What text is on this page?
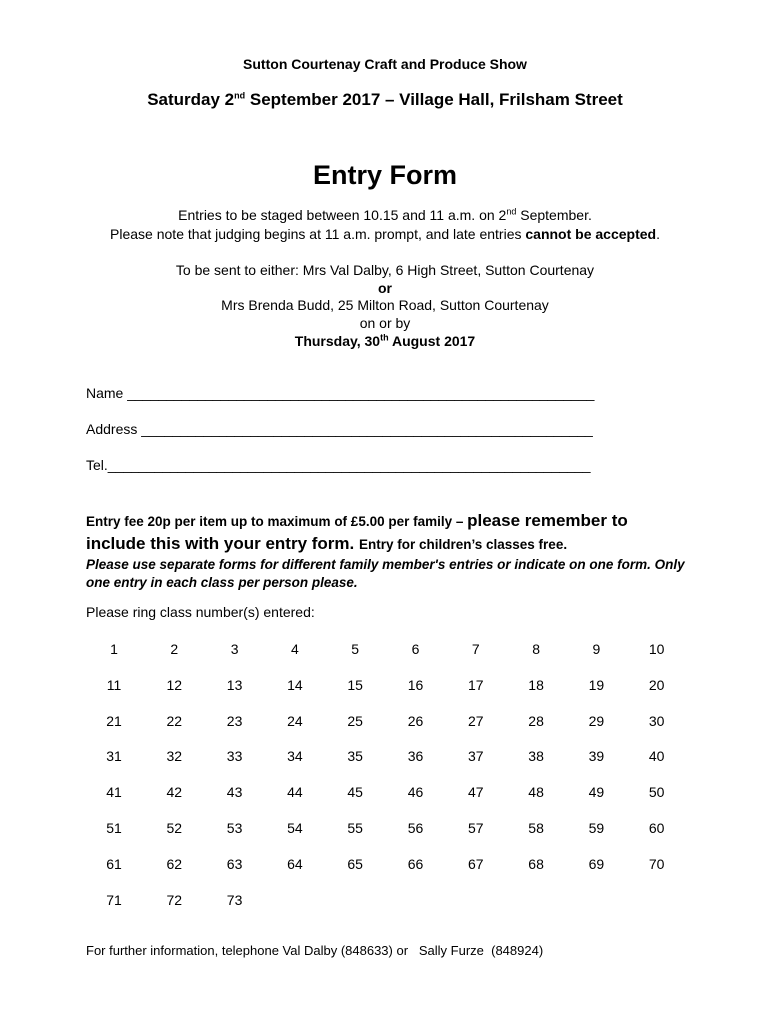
Sutton Courtenay Craft and Produce Show
Saturday 2nd September 2017 – Village Hall, Frilsham Street
Entry Form
Entries to be staged between 10.15 and 11 a.m. on 2nd September.
Please note that judging begins at 11 a.m. prompt, and late entries cannot be accepted.
To be sent to either: Mrs Val Dalby, 6 High Street, Sutton Courtenay
or
Mrs Brenda Budd, 25 Milton Road, Sutton Courtenay
on or by
Thursday, 30th August 2017
Name ____________________________________________________________
Address __________________________________________________________
Tel.______________________________________________________________
Entry fee 20p per item up to maximum of £5.00 per family – please remember to
include this with your entry form. Entry for children’s classes free.
Please use separate forms for different family member's entries or indicate on one form. Only one entry in each class per person please.
Please ring class number(s) entered:
1	2	3	4	5	6	7	8	9	10
11	12	13	14	15	16	17	18	19	20
21	22	23	24	25	26	27	28	29	30
31	32	33	34	35	36	37	38	39	40
41	42	43	44	45	46	47	48	49	50
51	52	53	54	55	56	57	58	59	60
61	62	63	64	65	66	67	68	69	70
71	72	73
For further information, telephone Val Dalby (848633) or   Sally Furze  (848924)
